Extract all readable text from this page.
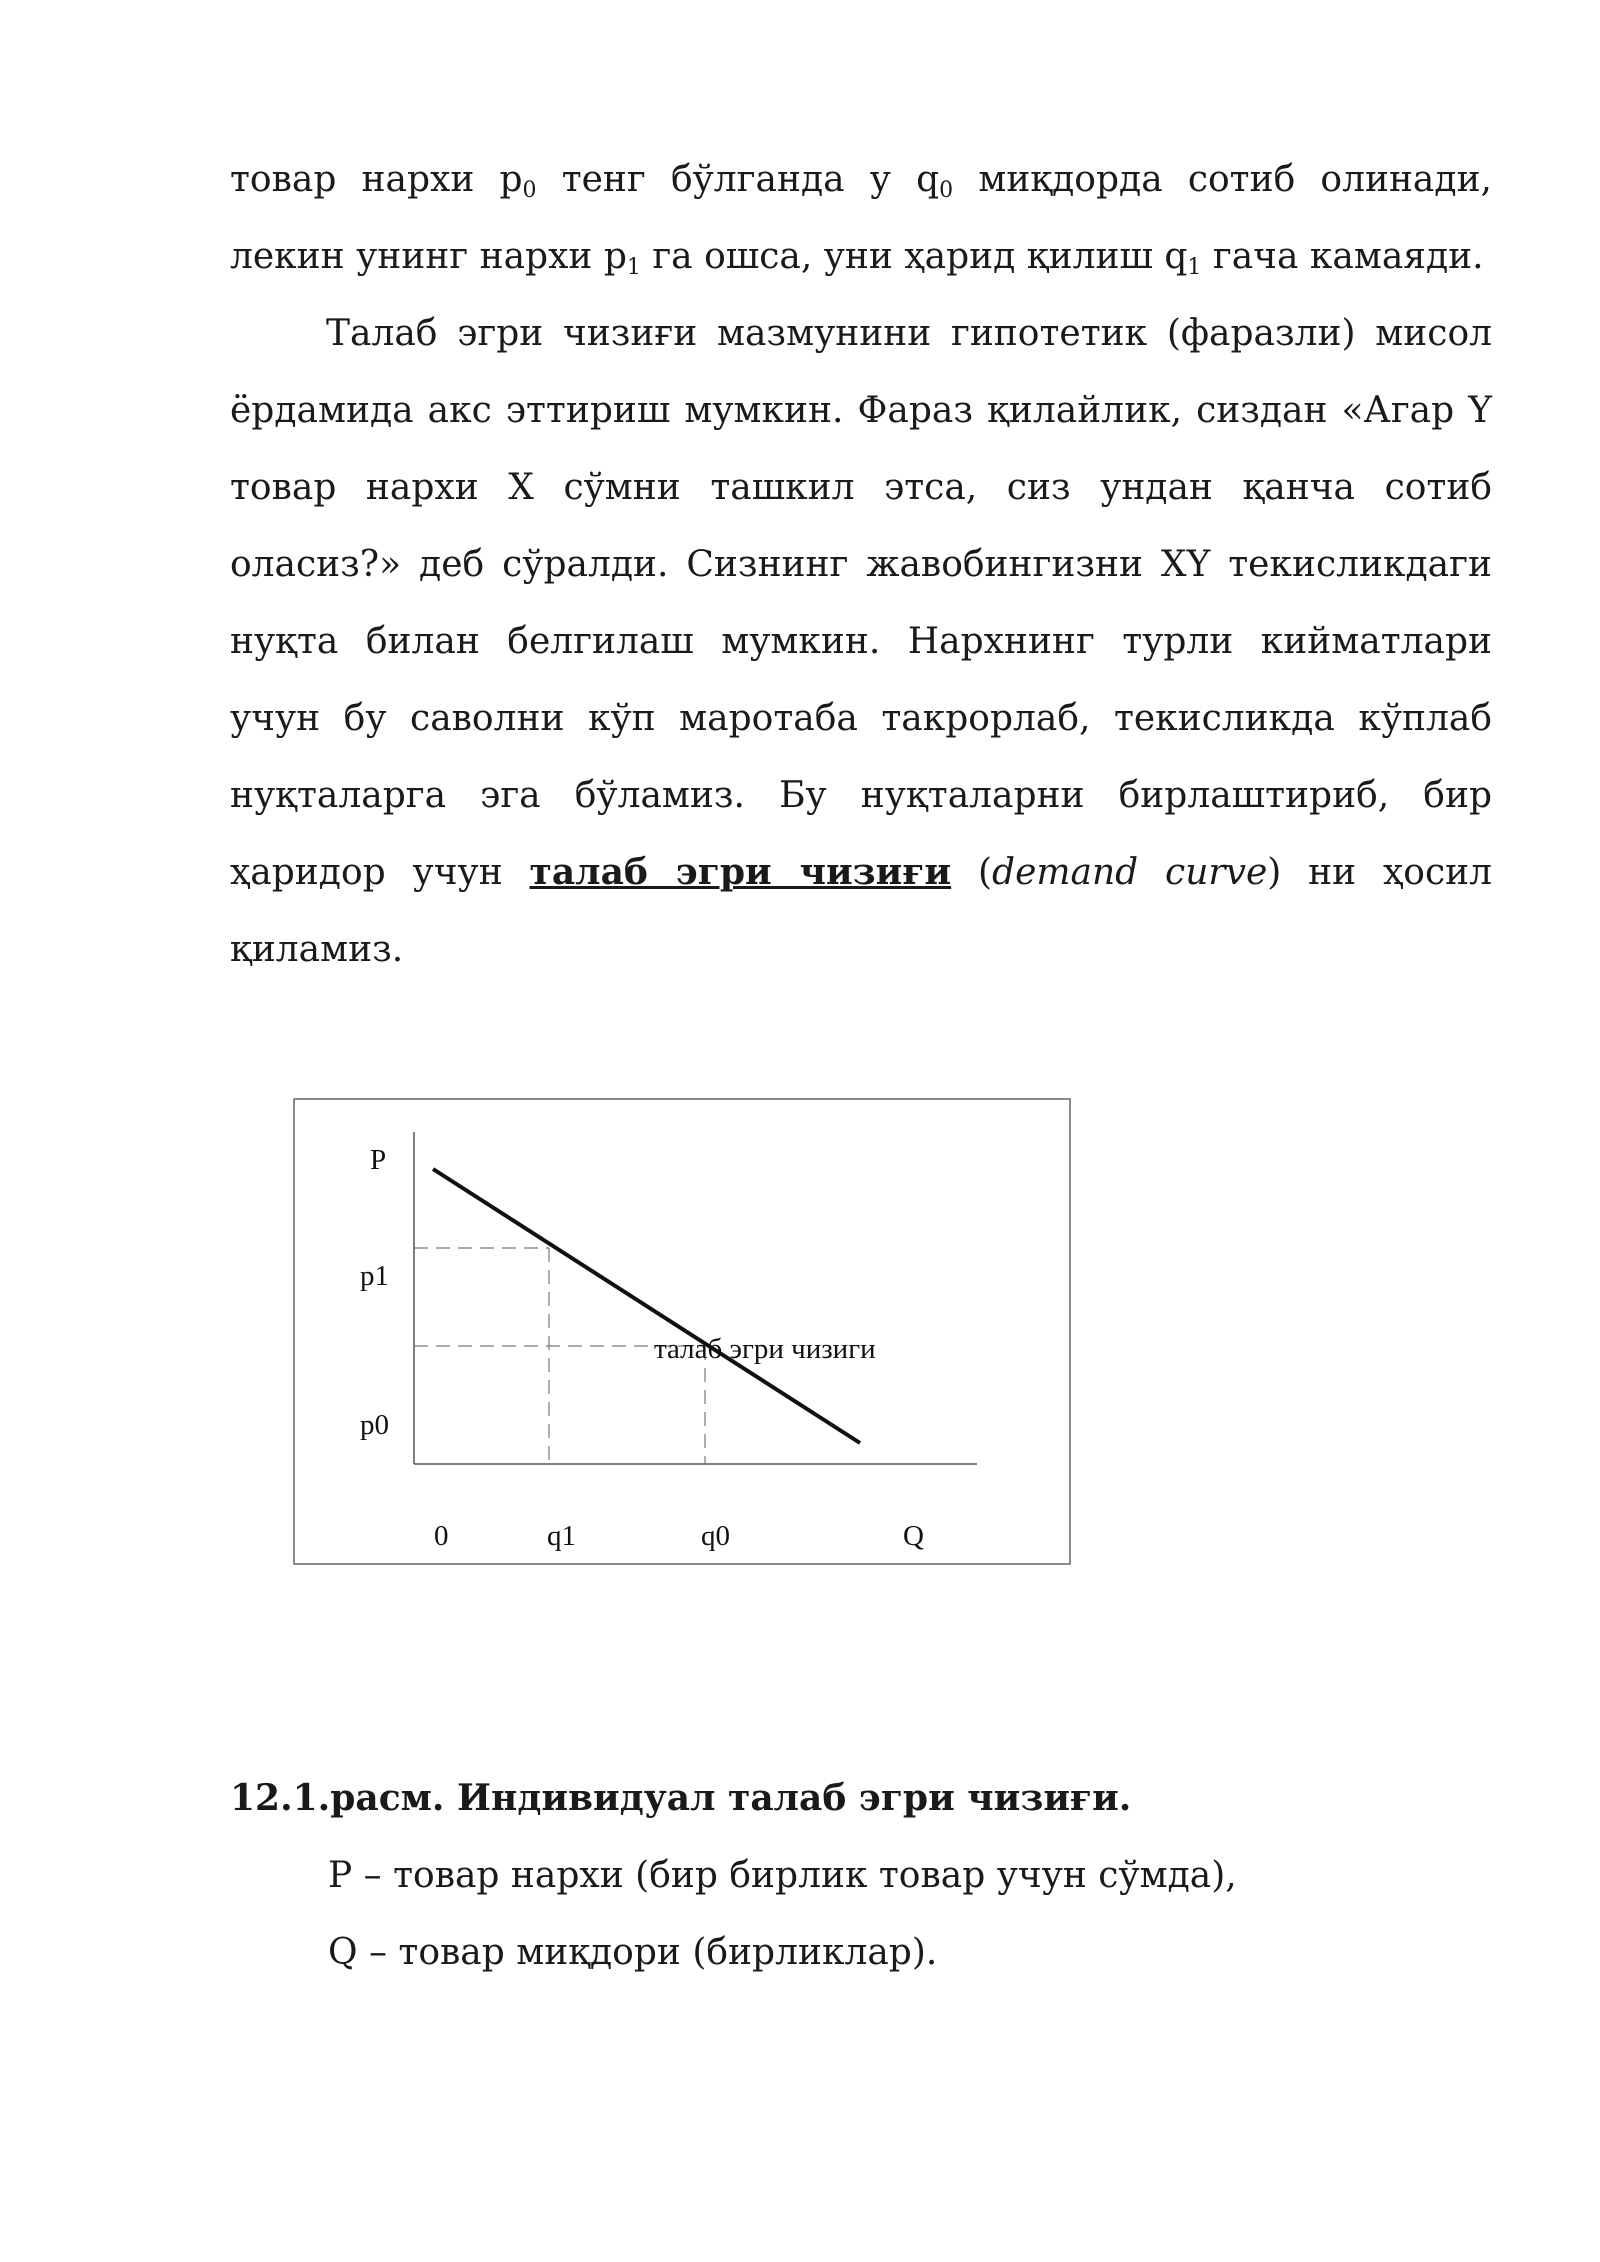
товар нархи $p_0$ тенг бўлганда у $q_0$ миқдорда сотиб олинади,

лекин унинг нархи $p_1$ га ошса, уни ҳарид қилиш $q_1$ гача камаяди.

Талаб эгри чизиғи мазмунини гипотетик (фаразли) мисол ёрдамида акс эттириш мумкин. Фараз қилайлик, сиздан «Агар Y товар нархи X сўмни ташкил этса, сиз ундан қанча сотиб оласиз?» деб сўралди. Сизнинг жавобингизни XY текисликдаги нуқта билан белгилаш мумкин. Нархнинг турли кийматлари учун бу саволни кўп маротаба такрорлаб, текисликда кўплаб нуқталарга эга бўламиз. Бу нуқталарни бирлаштириб, бир ҳаридор учун талаб эгри чизиғи (demand curve) ни ҳосил қиламиз.

P
p1
p0
0	q1	q0	Q
талаб эгри чизиги

12.1.расм. Индивидуал талаб эгри чизиғи.

P – товар нархи (бир бирлик товар учун сўмда),

Q – товар миқдори (бирликлар).
